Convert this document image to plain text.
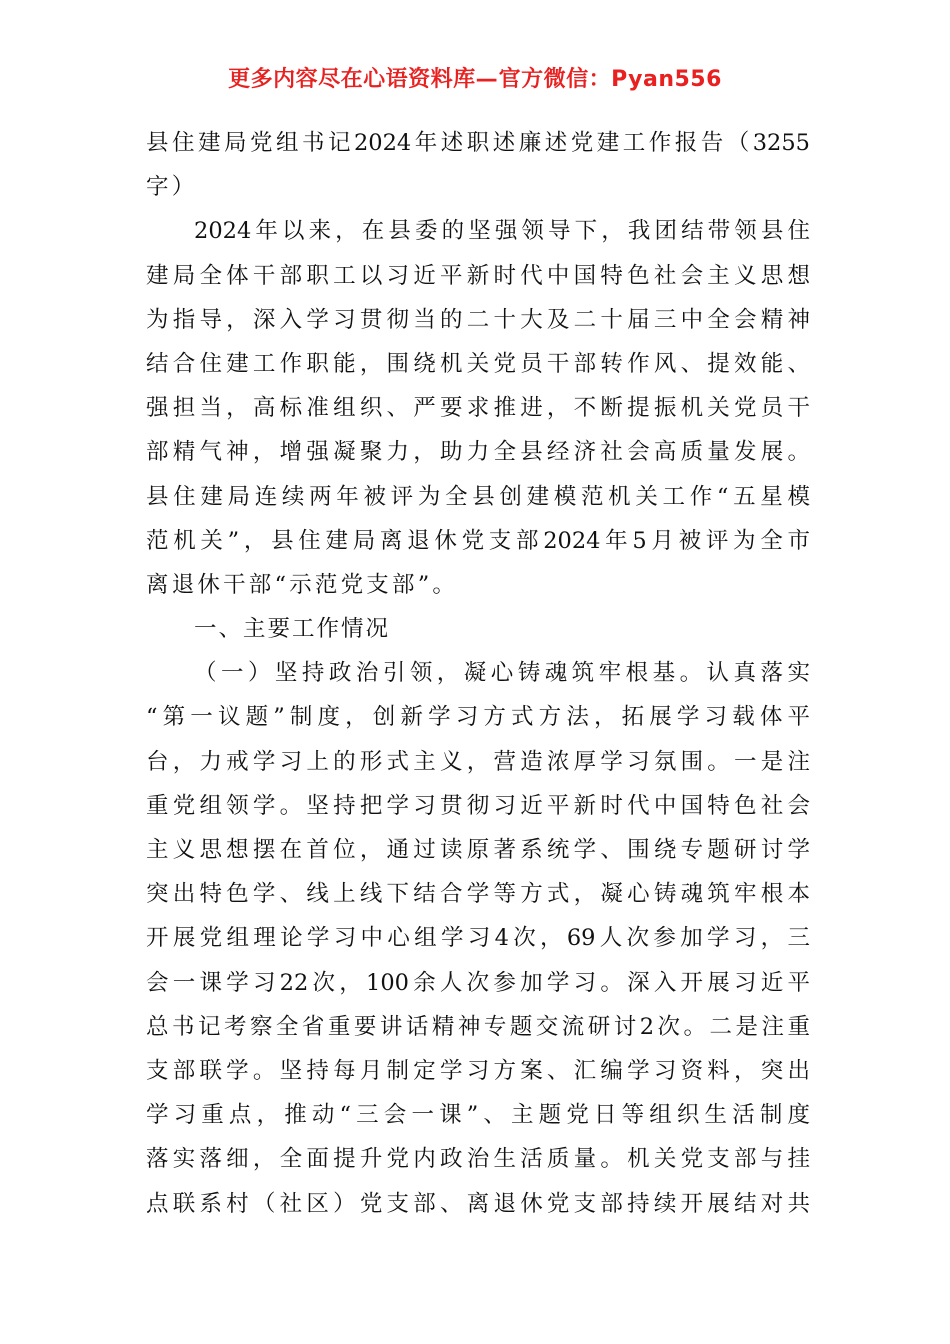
更多内容尽在心语资料库—官方微信：Pyan556
县住建局党组书记2024年述职述廉述党建工作报告（3255
字）
2024年以来，在县委的坚强领导下，我团结带领县住
建局全体干部职工以习近平新时代中国特色社会主义思想
为指导，深入学习贯彻当的二十大及二十届三中全会精神
结合住建工作职能，围绕机关党员干部转作风、提效能、
强担当，高标准组织、严要求推进，不断提振机关党员干
部精气神，增强凝聚力，助力全县经济社会高质量发展。
县住建局连续两年被评为全县创建模范机关工作“五星模
范机关”，县住建局离退休党支部2024年5月被评为全市
离退休干部“示范党支部”。
一、主要工作情况
（一）坚持政治引领，凝心铸魂筑牢根基。认真落实
“第一议题”制度，创新学习方式方法，拓展学习载体平
台，力戒学习上的形式主义，营造浓厚学习氛围。一是注
重党组领学。坚持把学习贯彻习近平新时代中国特色社会
主义思想摆在首位，通过读原著系统学、围绕专题研讨学
突出特色学、线上线下结合学等方式，凝心铸魂筑牢根本
开展党组理论学习中心组学习4次，69人次参加学习，三
会一课学习22次，100余人次参加学习。深入开展习近平
总书记考察全省重要讲话精神专题交流研讨2次。二是注重
支部联学。坚持每月制定学习方案、汇编学习资料，突出
学习重点，推动“三会一课”、主题党日等组织生活制度
落实落细，全面提升党内政治生活质量。机关党支部与挂
点联系村（社区）党支部、离退休党支部持续开展结对共
